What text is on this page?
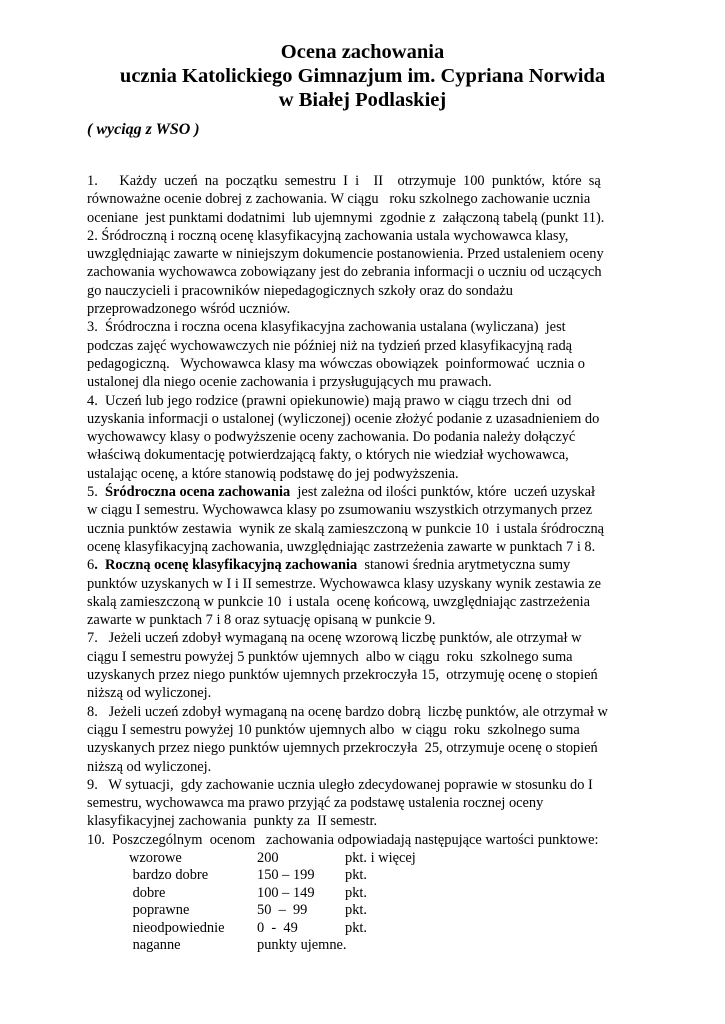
Ocena zachowania
ucznia Katolickiego Gimnazjum im. Cypriana Norwida
w Białej Podlaskiej
( wyciąg z WSO )
1.      Każdy  uczeń  na  początku  semestru  I  i    II    otrzymuje  100  punktów,  które  są
równoważne ocenie dobrej z zachowania. W ciągu   roku szkolnego zachowanie ucznia
oceniane  jest punktami dodatnimi  lub ujemnymi  zgodnie z  załączoną tabelą (punkt 11).
2. Śródroczną i roczną ocenę klasyfikacyjną zachowania ustala wychowawca klasy,
uwzględniając zawarte w niniejszym dokumencie postanowienia. Przed ustaleniem oceny
zachowania wychowawca zobowiązany jest do zebrania informacji o uczniu od uczących
go nauczycieli i pracowników niepedagogicznych szkoły oraz do sondażu
przeprowadzonego wśród uczniów.
3.  Śródroczna i roczna ocena klasyfikacyjna zachowania ustalana (wyliczana)  jest
podczas zajęć wychowawczych nie później niż na tydzień przed klasyfikacyjną radą
pedagogiczną.   Wychowawca klasy ma wówczas obowiązek  poinformować  ucznia o
ustalonej dla niego ocenie zachowania i przysługujących mu prawach.
4.  Uczeń lub jego rodzice (prawni opiekunowie) mają prawo w ciągu trzech dni  od
uzyskania informacji o ustalonej (wyliczonej) ocenie złożyć podanie z uzasadnieniem do
wychowawcy klasy o podwyższenie oceny zachowania. Do podania należy dołączyć
właściwą dokumentację potwierdzającą fakty, o których nie wiedział wychowawca,
ustalając ocenę, a które stanowią podstawę do jej podwyższenia.
5.  Śródroczna ocena zachowania  jest zależna od ilości punktów, które  uczeń uzyskał
w ciągu I semestru. Wychowawca klasy po zsumowaniu wszystkich otrzymanych przez
ucznia punktów zestawia  wynik ze skalą zamieszczoną w punkcie 10  i ustala śródroczną
ocenę klasyfikacyjną zachowania, uwzględniając zastrzeżenia zawarte w punktach 7 i 8.
6.  Roczną ocenę klasyfikacyjną zachowania  stanowi średnia arytmetyczna sumy
punktów uzyskanych w I i II semestrze. Wychowawca klasy uzyskany wynik zestawia ze
skalą zamieszczoną w punkcie 10  i ustala  ocenę końcową, uwzględniając zastrzeżenia
zawarte w punktach 7 i 8 oraz sytuację opisaną w punkcie 9.
7.   Jeżeli uczeń zdobył wymaganą na ocenę wzorową liczbę punktów, ale otrzymał w
ciągu I semestru powyżej 5 punktów ujemnych  albo w ciągu  roku  szkolnego suma
uzyskanych przez niego punktów ujemnych przekroczyła 15,  otrzymuję ocenę o stopień
niższą od wyliczonej.
8.   Jeżeli uczeń zdobył wymaganą na ocenę bardzo dobrą  liczbę punktów, ale otrzymał w
ciągu I semestru powyżej 10 punktów ujemnych albo  w ciągu  roku  szkolnego suma
uzyskanych przez niego punktów ujemnych przekroczyła  25, otrzymuje ocenę o stopień
niższą od wyliczonej.
9.   W sytuacji,  gdy zachowanie ucznia uległo zdecydowanej poprawie w stosunku do I
semestru, wychowawca ma prawo przyjąć za podstawę ustalenia rocznej oceny
klasyfikacyjnej zachowania  punkty za  II semestr.
10.  Poszczególnym  ocenom   zachowania odpowiadają następujące wartości punktowe:
wzorowe	200	pkt. i więcej
bardzo dobre	150 – 199 pkt.
dobre	100 – 149 pkt.
poprawne	50  –  99	pkt.
nieodpowiednie 0  -  49	pkt.
naganne	punkty ujemne.
